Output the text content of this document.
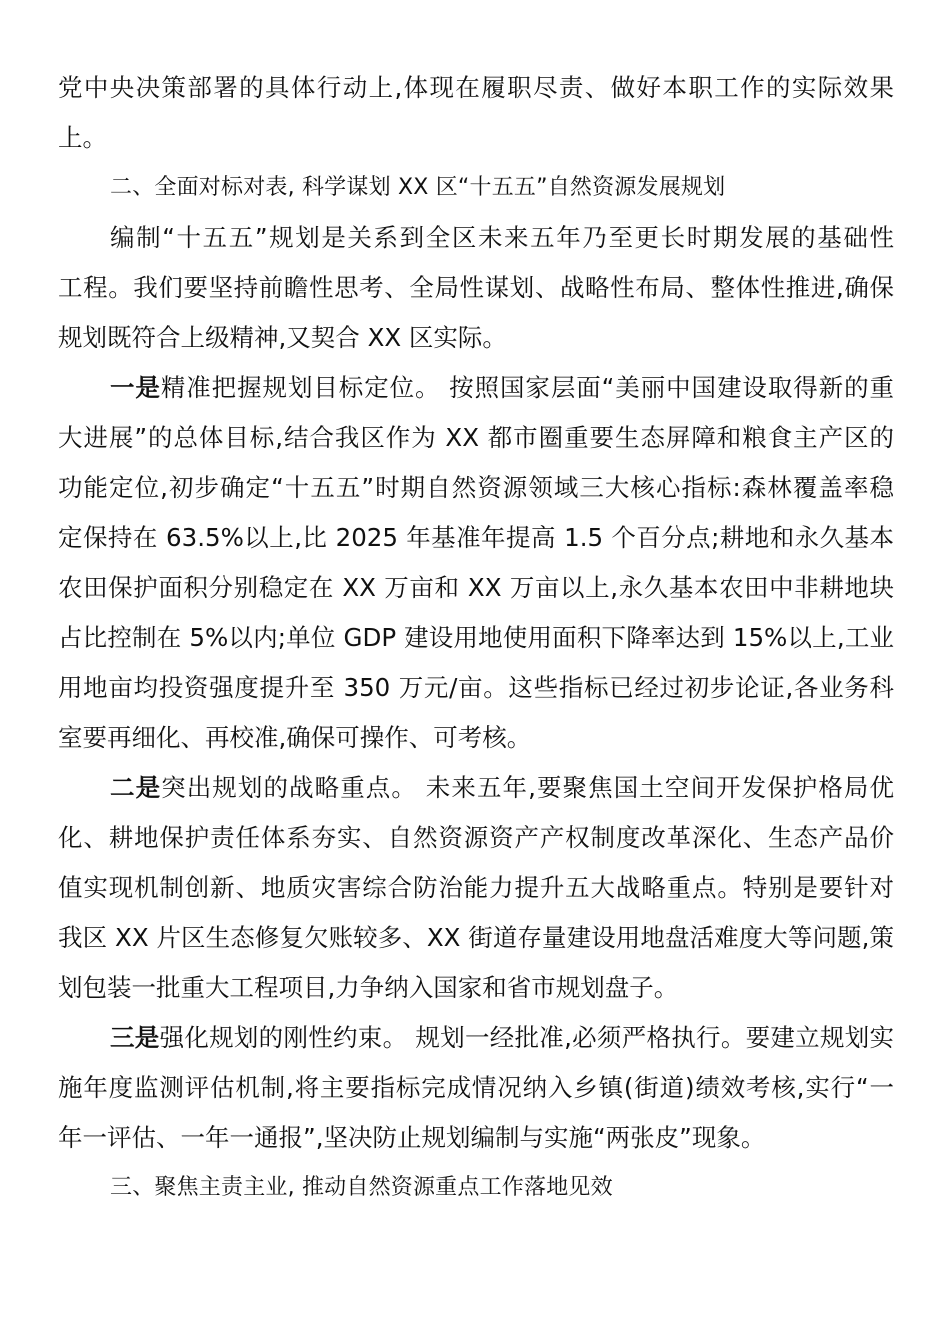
党中央决策部署的具体行动上,体现在履职尽责、做好本职工作的实际效果
上。
二、全面对标对表, 科学谋划 XX 区“十五五”自然资源发展规划
编制“十五五”规划是关系到全区未来五年乃至更长时期发展的基础性
工程。我们要坚持前瞻性思考、全局性谋划、战略性布局、整体性推进,确保
规划既符合上级精神,又契合 XX 区实际。
一是精准把握规划目标定位。 按照国家层面“美丽中国建设取得新的重
大进展”的总体目标,结合我区作为 XX 都市圈重要生态屏障和粮食主产区的
功能定位,初步确定“十五五”时期自然资源领域三大核心指标:森林覆盖率稳
定保持在 63.5%以上,比 2025 年基准年提高 1.5 个百分点;耕地和永久基本
农田保护面积分别稳定在 XX 万亩和 XX 万亩以上,永久基本农田中非耕地块
占比控制在 5%以内;单位 GDP 建设用地使用面积下降率达到 15%以上,工业
用地亩均投资强度提升至 350 万元/亩。这些指标已经过初步论证,各业务科
室要再细化、再校准,确保可操作、可考核。
二是突出规划的战略重点。 未来五年,要聚焦国土空间开发保护格局优
化、耕地保护责任体系夯实、自然资源资产产权制度改革深化、生态产品价
值实现机制创新、地质灾害综合防治能力提升五大战略重点。特别是要针对
我区 XX 片区生态修复欠账较多、XX 街道存量建设用地盘活难度大等问题,策
划包装一批重大工程项目,力争纳入国家和省市规划盘子。
三是强化规划的刚性约束。 规划一经批准,必须严格执行。要建立规划实
施年度监测评估机制,将主要指标完成情况纳入乡镇(街道)绩效考核,实行“一
年一评估、一年一通报”,坚决防止规划编制与实施“两张皮”现象。
三、聚焦主责主业, 推动自然资源重点工作落地见效
